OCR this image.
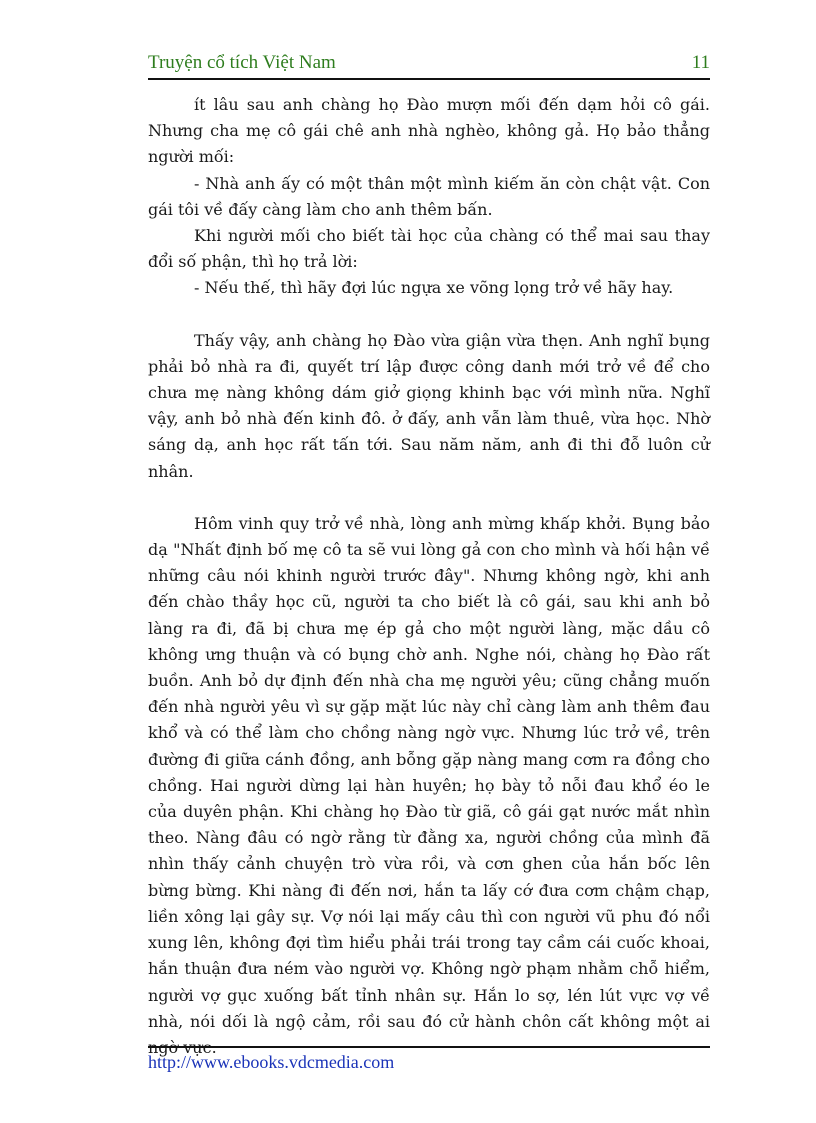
Truyện cổ tích Việt Nam	11

ít lâu sau anh chàng họ Đào mượn mối đến dạm hỏi cô gái. Nhưng cha mẹ cô gái chê anh nhà nghèo, không gả. Họ bảo thẳng người mối:

- Nhà anh ấy có một thân một mình kiếm ăn còn chật vật. Con gái tôi về đấy càng làm cho anh thêm bấn.

Khi người mối cho biết tài học của chàng có thể mai sau thay đổi số phận, thì họ trả lời:

- Nếu thế, thì hãy đợi lúc ngựa xe võng lọng trở về hãy hay.

Thấy vậy, anh chàng họ Đào vừa giận vừa thẹn. Anh nghĩ bụng phải bỏ nhà ra đi, quyết trí lập được công danh mới trở về để cho chưa mẹ nàng không dám giở giọng khinh bạc với mình nữa. Nghĩ vậy, anh bỏ nhà đến kinh đô. ở đấy, anh vẫn làm thuê, vừa học. Nhờ sáng dạ, anh học rất tấn tới. Sau năm năm, anh đi thi đỗ luôn cử nhân.

Hôm vinh quy trở về nhà, lòng anh mừng khấp khởi. Bụng bảo dạ "Nhất định bố mẹ cô ta sẽ vui lòng gả con cho mình và hối hận về những câu nói khinh người trước đây". Nhưng không ngờ, khi anh đến chào thầy học cũ, người ta cho biết là cô gái, sau khi anh bỏ làng ra đi, đã bị chưa mẹ ép gả cho một người làng, mặc dầu cô không ưng thuận và có bụng chờ anh. Nghe nói, chàng họ Đào rất buồn. Anh bỏ dự định đến nhà cha mẹ người yêu; cũng chẳng muốn đến nhà người yêu vì sự gặp mặt lúc này chỉ càng làm anh thêm đau khổ và có thể làm cho chồng nàng ngờ vực. Nhưng lúc trở về, trên đường đi giữa cánh đồng, anh bỗng gặp nàng mang cơm ra đồng cho chồng. Hai người dừng lại hàn huyên; họ bày tỏ nỗi đau khổ éo le của duyên phận. Khi chàng họ Đào từ giã, cô gái gạt nước mắt nhìn theo. Nàng đâu có ngờ rằng từ đằng xa, người chồng của mình đã nhìn thấy cảnh chuyện trò vừa rồi, và cơn ghen của hắn bốc lên bừng bừng. Khi nàng đi đến nơi, hắn ta lấy cớ đưa cơm chậm chạp, liền xông lại gây sự. Vợ nói lại mấy câu thì con người vũ phu đó nổi xung lên, không đợi tìm hiểu phải trái trong tay cầm cái cuốc khoai, hắn thuận đưa ném vào người vợ. Không ngờ phạm nhằm chỗ hiểm, người vợ gục xuống bất tỉnh nhân sự. Hắn lo sợ, lén lút vực vợ về nhà, nói dối là ngộ cảm, rồi sau đó cử hành chôn cất không một ai ngờ vực.

http://www.ebooks.vdcmedia.com
